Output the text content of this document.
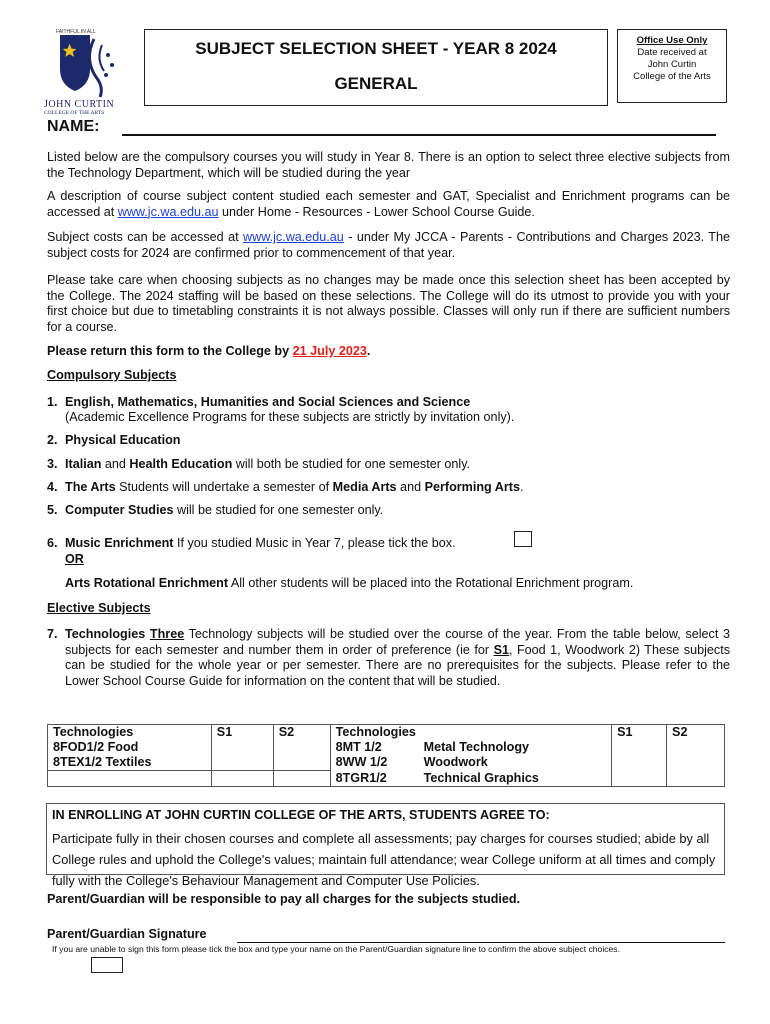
FAITHFUL IN ALL
JOHN CURTIN
COLLEGE OF THE ARTS
SUBJECT SELECTION SHEET - YEAR 8 2024
GENERAL
Office Use Only
Date received at
John Curtin
College of the Arts
NAME:

Listed below are the compulsory courses you will study in Year 8. There is an option to select three elective subjects from the Technology Department, which will be studied during the year

A description of course subject content studied each semester and GAT, Specialist and Enrichment programs can be accessed at www.jc.wa.edu.au under Home - Resources - Lower School Course Guide.

Subject costs can be accessed at www.jc.wa.edu.au - under My JCCA - Parents - Contributions and Charges 2023. The subject costs for 2024 are confirmed prior to commencement of that year.

Please take care when choosing subjects as no changes may be made once this selection sheet has been accepted by the College. The 2024 staffing will be based on these selections. The College will do its utmost to provide you with your first choice but due to timetabling constraints it is not always possible. Classes will only run if there are sufficient numbers for a course.

Please return this form to the College by 21 July 2023.

Compulsory Subjects

1. English, Mathematics, Humanities and Social Sciences and Science

(Academic Excellence Programs for these subjects are strictly by invitation only).

2. Physical Education

3. Italian and Health Education will both be studied for one semester only.

4. The Arts Students will undertake a semester of Media Arts and Performing Arts.

5. Computer Studies will be studied for one semester only.

6. Music Enrichment If you studied Music in Year 7, please tick the box.

OR

Arts Rotational Enrichment All other students will be placed into the Rotational Enrichment program.

Elective Subjects

7. Technologies Three Technology subjects will be studied over the course of the year. From the table below, select 3 subjects for each semester and number them in order of preference (ie for S1, Food 1, Woodwork 2) These subjects can be studied for the whole year or per semester. There are no prerequisites for the subjects. Please refer to the Lower School Course Guide for information on the content that will be studied.

Technologies	S1	S2	Technologies	S1	S2
8FOD1/2 Food			8MT 1/2 Metal Technology		
8TEX1/2 Textiles			8WW 1/2 Woodwork		
			8TGR1/2 Technical Graphics		
IN ENROLLING AT JOHN CURTIN COLLEGE OF THE ARTS, STUDENTS AGREE TO:
Participate fully in their chosen courses and complete all assessments; pay charges for courses studied; abide by all College rules and uphold the College's values; maintain full attendance; wear College uniform at all times and comply fully with the College's Behaviour Management and Computer Use Policies.

Parent/Guardian will be responsible to pay all charges for the subjects studied.

Parent/Guardian Signature

If you are unable to sign this form please tick the box and type your name on the Parent/Guardian signature line to confirm the above subject choices.
